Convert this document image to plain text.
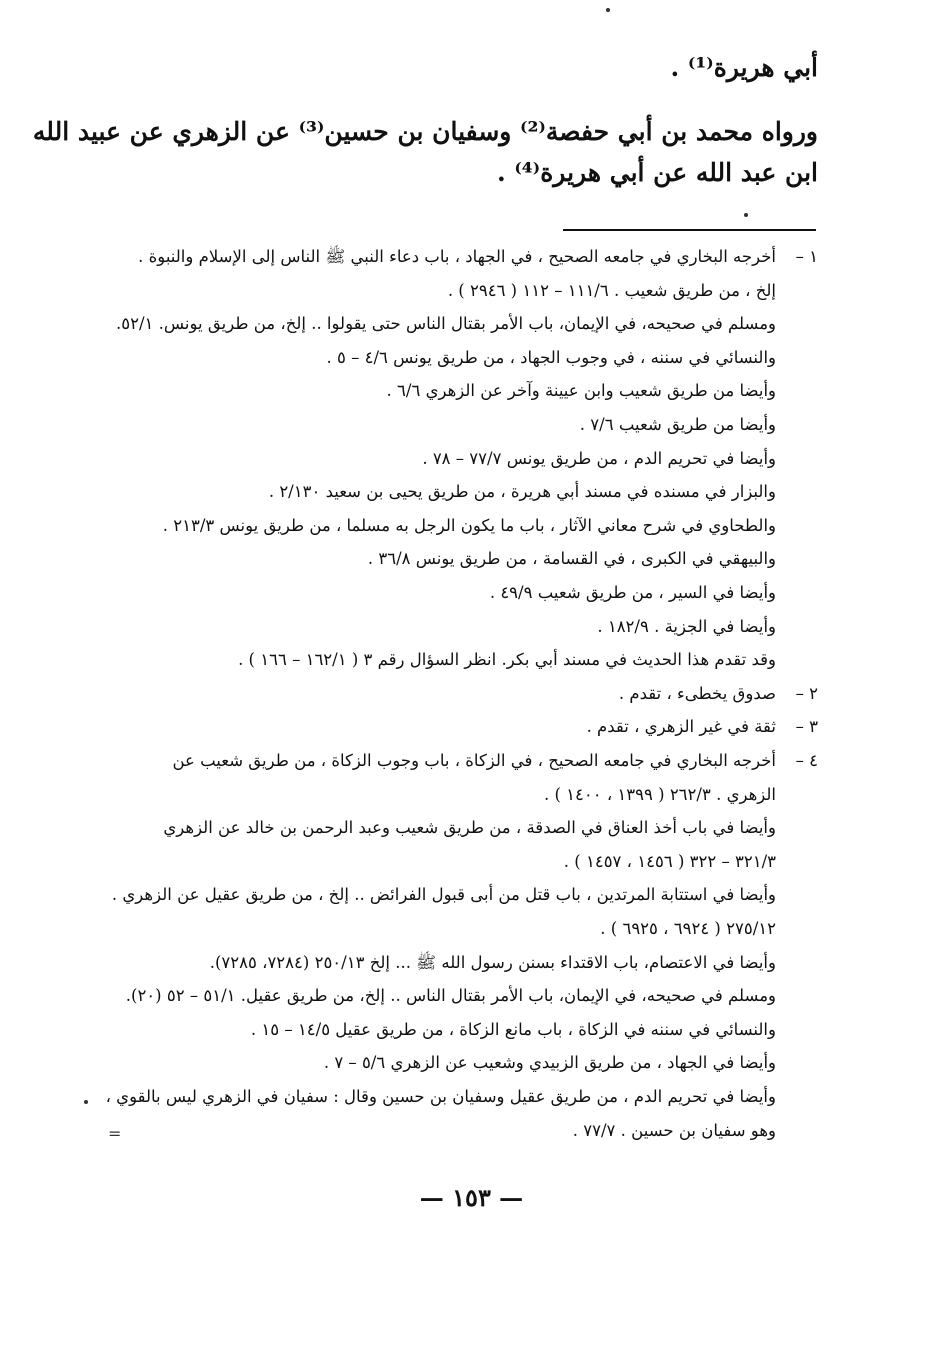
أبي هريرة⁽¹⁾ .
ورواه محمد بن أبي حفصة⁽²⁾ وسفيان بن حسين⁽³⁾ عن الزهري عن عبيد الله
ابن عبد الله عن أبي هريرة⁽⁴⁾ .
١ –
أخرجه البخاري في جامعه الصحيح ، في الجهاد ، باب دعاء النبي ﷺ الناس إلى الإسلام والنبوة .
إلخ ، من طريق شعيب . ١١١/٦ – ١١٢ ( ٢٩٤٦ ) .
ومسلم في صحيحه، في الإيمان، باب الأمر بقتال الناس حتى يقولوا .. إلخ، من طريق يونس. ٥٢/١.
والنسائي في سننه ، في وجوب الجهاد ، من طريق يونس ٤/٦ – ٥ .
وأيضا من طريق شعيب وابن عيينة وآخر عن الزهري ٦/٦ .
وأيضا من طريق شعيب ٧/٦ .
وأيضا في تحريم الدم ، من طريق يونس ٧٧/٧ – ٧٨ .
والبزار في مسنده في مسند أبي هريرة ، من طريق يحيى بن سعيد ٢/١٣٠ .
والطحاوي في شرح معاني الآثار ، باب ما يكون الرجل به مسلما ، من طريق يونس ٢١٣/٣ .
والبيهقي في الكبرى ، في القسامة ، من طريق يونس ٣٦/٨ .
وأيضا في السير ، من طريق شعيب ٤٩/٩ .
وأيضا في الجزية . ١٨٢/٩ .
وقد تقدم هذا الحديث في مسند أبي بكر. انظر السؤال رقم ٣ ( ١٦٢/١ – ١٦٦ ) .
٢ –
صدوق يخطىء ، تقدم .
٣ –
ثقة في غير الزهري ، تقدم .
٤ –
أخرجه البخاري في جامعه الصحيح ، في الزكاة ، باب وجوب الزكاة ، من طريق شعيب عن
الزهري . ٢٦٢/٣ ( ١٣٩٩ ، ١٤٠٠ ) .
وأيضا في باب أخذ العناق في الصدقة ، من طريق شعيب وعبد الرحمن بن خالد عن الزهري
٣٢١/٣ – ٣٢٢ ( ١٤٥٦ ، ١٤٥٧ ) .
وأيضا في استتابة المرتدين ، باب قتل من أبى قبول الفرائض .. إلخ ، من طريق عقيل عن الزهري .
٢٧٥/١٢ ( ٦٩٢٤ ، ٦٩٢٥ ) .
وأيضا في الاعتصام، باب الاقتداء بسنن رسول الله ﷺ ... إلخ ٢٥٠/١٣ (٧٢٨٤، ٧٢٨٥).
ومسلم في صحيحه، في الإيمان، باب الأمر بقتال الناس .. إلخ، من طريق عقيل. ٥١/١ – ٥٢ (٢٠).
والنسائي في سننه في الزكاة ، باب مانع الزكاة ، من طريق عقيل ١٤/٥ – ١٥ .
وأيضا في الجهاد ، من طريق الزبيدي وشعيب عن الزهري ٥/٦ – ٧ .
وأيضا في تحريم الدم ، من طريق عقيل وسفيان بن حسين وقال : سفيان في الزهري ليس بالقوي ،
وهو سفيان بن حسين . ٧٧/٧ .
=
— ١٥٣ —
